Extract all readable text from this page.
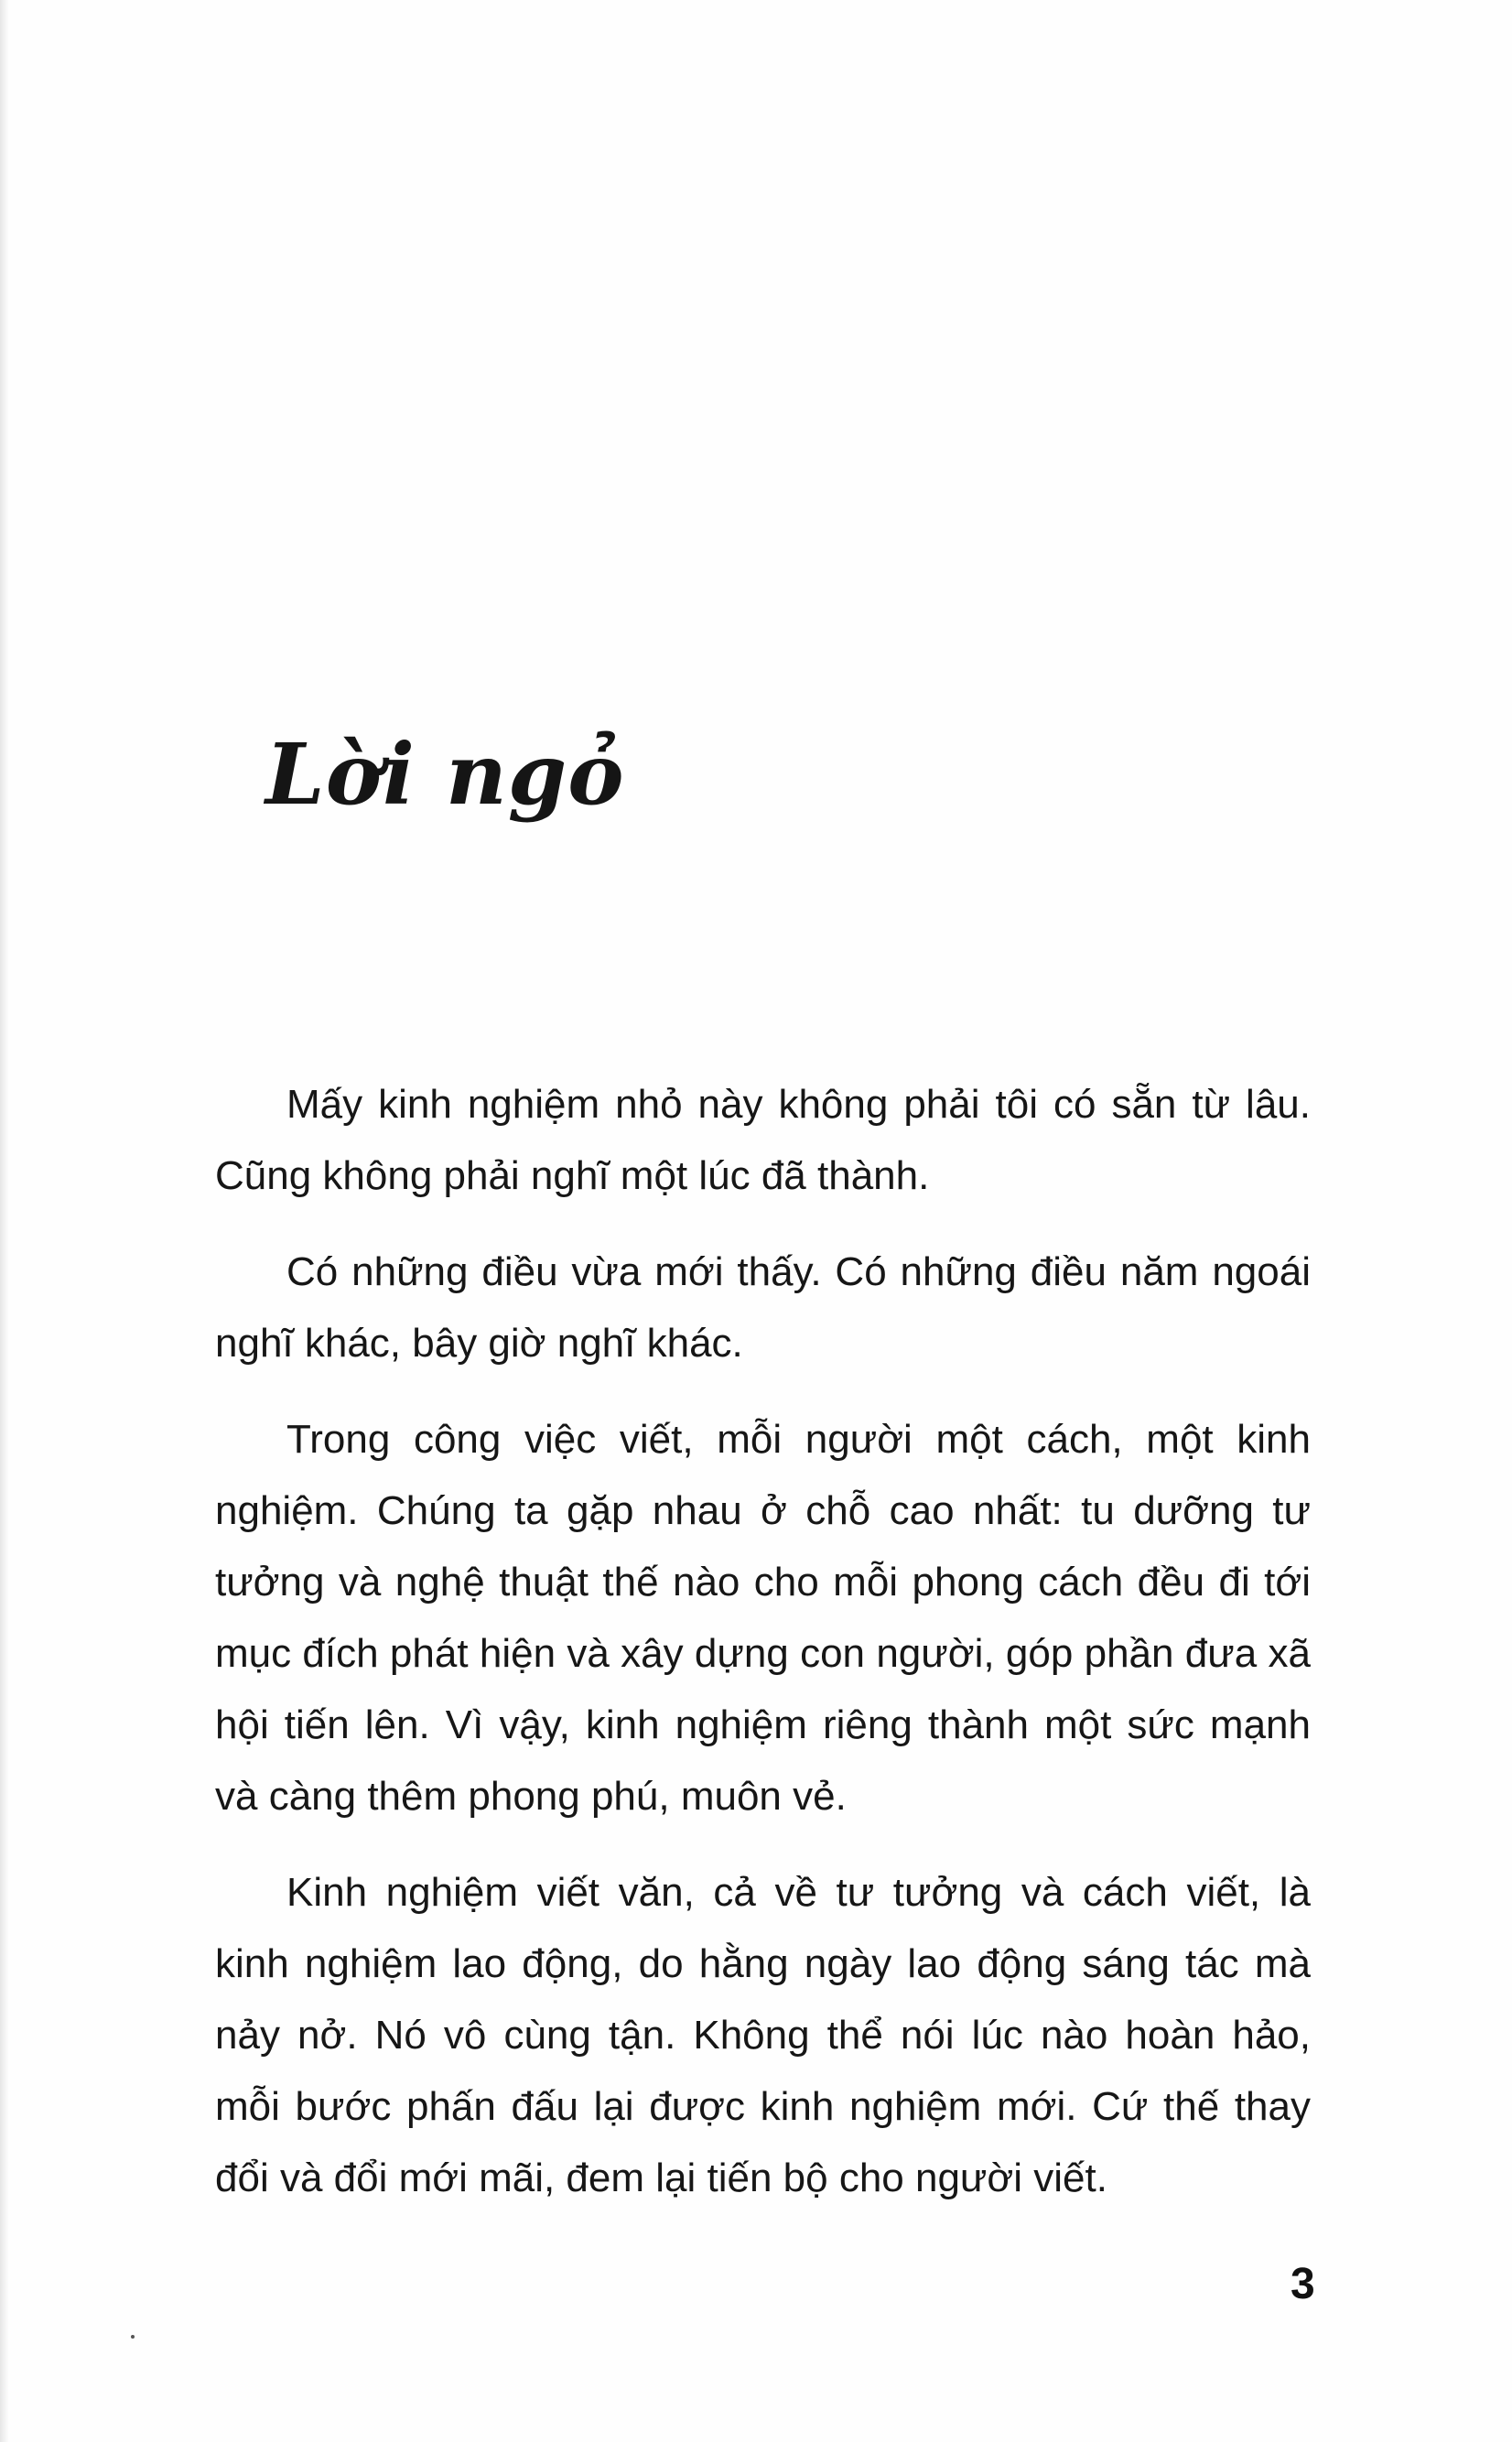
Lời ngỏ

Mấy kinh nghiệm nhỏ này không phải tôi có sẵn từ lâu. Cũng không phải nghĩ một lúc đã thành.

Có những điều vừa mới thấy. Có những điều năm ngoái nghĩ khác, bây giờ nghĩ khác.

Trong công việc viết, mỗi người một cách, một kinh nghiệm. Chúng ta gặp nhau ở chỗ cao nhất: tu dưỡng tư tưởng và nghệ thuật thế nào cho mỗi phong cách đều đi tới mục đích phát hiện và xây dựng con người, góp phần đưa xã hội tiến lên. Vì vậy, kinh nghiệm riêng thành một sức mạnh và càng thêm phong phú, muôn vẻ.

Kinh nghiệm viết văn, cả về tư tưởng và cách viết, là kinh nghiệm lao động, do hằng ngày lao động sáng tác mà nảy nở. Nó vô cùng tận. Không thể nói lúc nào hoàn hảo, mỗi bước phấn đấu lại được kinh nghiệm mới. Cứ thế thay đổi và đổi mới mãi, đem lại tiến bộ cho người viết.

3
